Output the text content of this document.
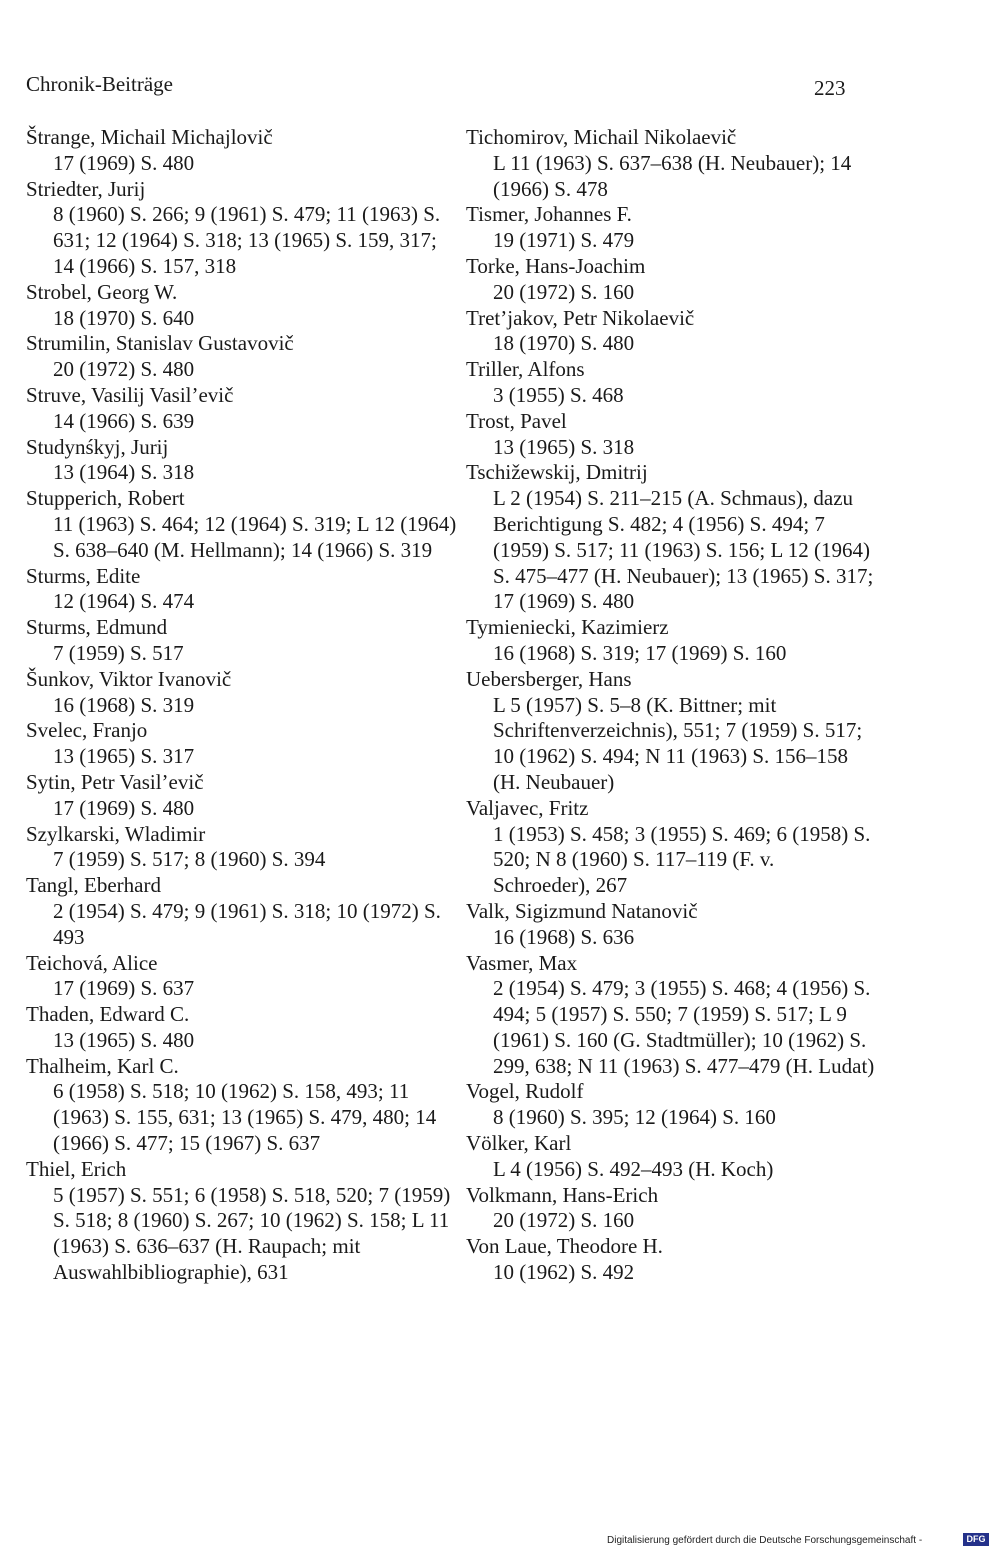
Chronik-Beiträge	223
Štrange, Michail Michajlovič
17 (1969) S. 480
Striedter, Jurij
8 (1960) S. 266; 9 (1961) S. 479; 11 (1963) S. 631; 12 (1964) S. 318; 13 (1965) S. 159, 317; 14 (1966) S. 157, 318
Strobel, Georg W.
18 (1970) S. 640
Strumilin, Stanislav Gustavovič
20 (1972) S. 480
Struve, Vasilij Vasil’evič
14 (1966) S. 639
Studynśkyj, Jurij
13 (1964) S. 318
Stupperich, Robert
11 (1963) S. 464; 12 (1964) S. 319; L 12 (1964) S. 638–640 (M. Hellmann); 14 (1966) S. 319
Sturms, Edite
12 (1964) S. 474
Sturms, Edmund
7 (1959) S. 517
Šunkov, Viktor Ivanovič
16 (1968) S. 319
Svelec, Franjo
13 (1965) S. 317
Sytin, Petr Vasil’evič
17 (1969) S. 480
Szylkarski, Wladimir
7 (1959) S. 517; 8 (1960) S. 394
Tangl, Eberhard
2 (1954) S. 479; 9 (1961) S. 318; 10 (1972) S. 493
Teichová, Alice
17 (1969) S. 637
Thaden, Edward C.
13 (1965) S. 480
Thalheim, Karl C.
6 (1958) S. 518; 10 (1962) S. 158, 493; 11 (1963) S. 155, 631; 13 (1965) S. 479, 480; 14 (1966) S. 477; 15 (1967) S. 637
Thiel, Erich
5 (1957) S. 551; 6 (1958) S. 518, 520; 7 (1959) S. 518; 8 (1960) S. 267; 10 (1962) S. 158; L 11 (1963) S. 636–637 (H. Raupach; mit Auswahlbibliographie), 631
Tichomirov, Michail Nikolaevič
L 11 (1963) S. 637–638 (H. Neubauer); 14 (1966) S. 478
Tismer, Johannes F.
19 (1971) S. 479
Torke, Hans-Joachim
20 (1972) S. 160
Tret’jakov, Petr Nikolaevič
18 (1970) S. 480
Triller, Alfons
3 (1955) S. 468
Trost, Pavel
13 (1965) S. 318
Tschižewskij, Dmitrij
L 2 (1954) S. 211–215 (A. Schmaus), dazu Berichtigung S. 482; 4 (1956) S. 494; 7 (1959) S. 517; 11 (1963) S. 156; L 12 (1964) S. 475–477 (H. Neubauer); 13 (1965) S. 317; 17 (1969) S. 480
Tymieniecki, Kazimierz
16 (1968) S. 319; 17 (1969) S. 160
Uebersberger, Hans
L 5 (1957) S. 5–8 (K. Bittner; mit Schriftenverzeichnis), 551; 7 (1959) S. 517; 10 (1962) S. 494; N 11 (1963) S. 156–158 (H. Neubauer)
Valjavec, Fritz
1 (1953) S. 458; 3 (1955) S. 469; 6 (1958) S. 520; N 8 (1960) S. 117–119 (F. v. Schroeder), 267
Valk, Sigizmund Natanovič
16 (1968) S. 636
Vasmer, Max
2 (1954) S. 479; 3 (1955) S. 468; 4 (1956) S. 494; 5 (1957) S. 550; 7 (1959) S. 517; L 9 (1961) S. 160 (G. Stadtmüller); 10 (1962) S. 299, 638; N 11 (1963) S. 477–479 (H. Ludat)
Vogel, Rudolf
8 (1960) S. 395; 12 (1964) S. 160
Völker, Karl
L 4 (1956) S. 492–493 (H. Koch)
Volkmann, Hans-Erich
20 (1972) S. 160
Von Laue, Theodore H.
10 (1962) S. 492
Digitalisierung gefördert durch die Deutsche Forschungsgemeinschaft -	DFG
